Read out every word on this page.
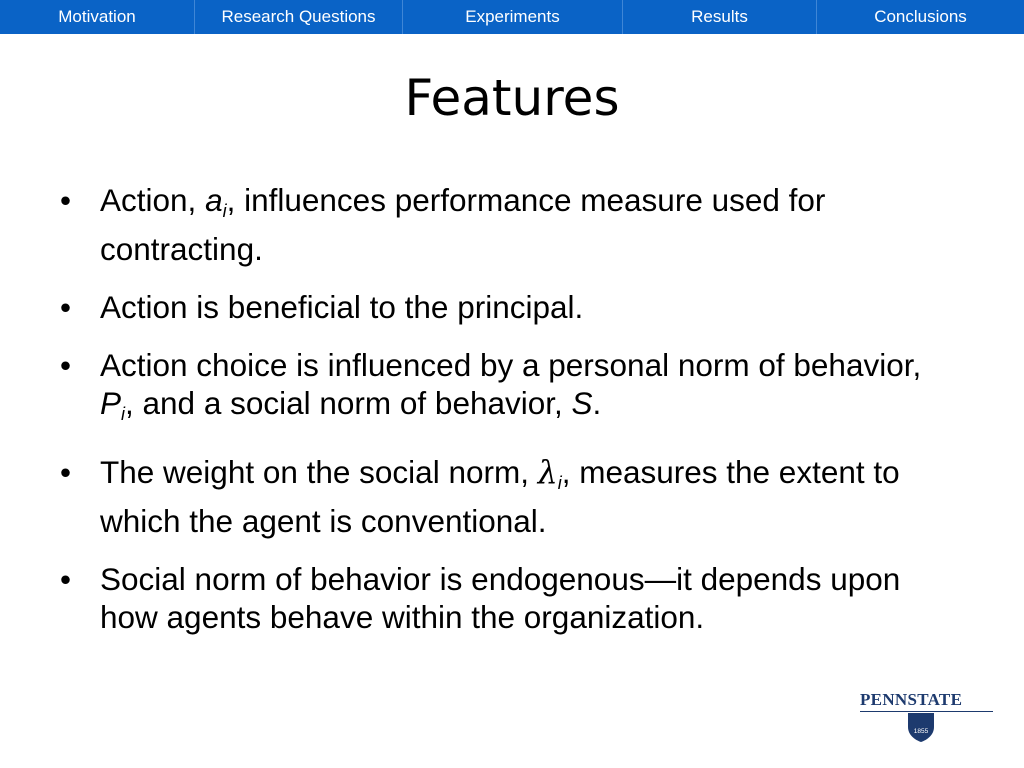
Motivation	Research Questions	Experiments	Results	Conclusions
Features
• Action, ai, influences performance measure used for contracting.
• Action is beneficial to the principal.
• Action choice is influenced by a personal norm of behavior, Pi, and a social norm of behavior, S.
• The weight on the social norm, λi, measures the extent to which the agent is conventional.
• Social norm of behavior is endogenous—it depends upon how agents behave within the organization.
PENNSTATE
1855
